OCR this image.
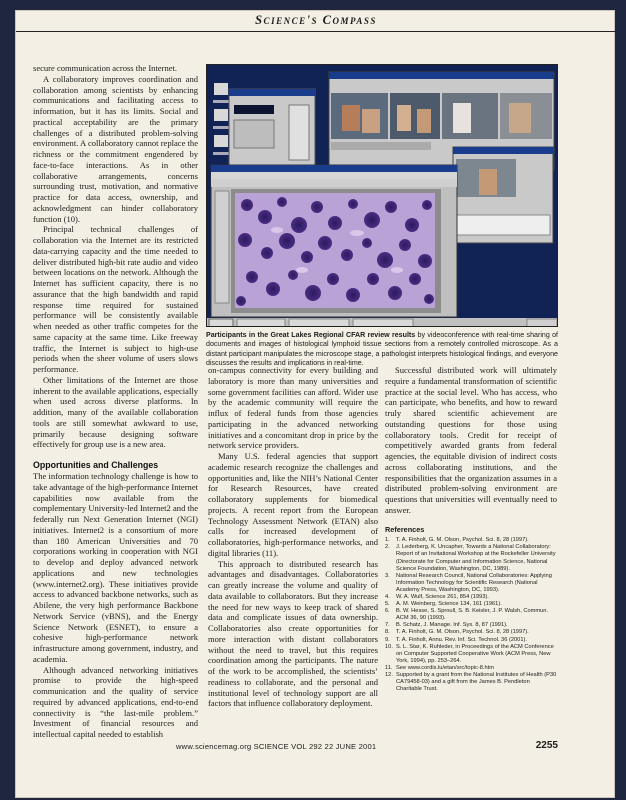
Science's Compass

secure communication across the Internet.

A collaboratory improves coordination and collaboration among scientists by enhancing communications and facilitating access to information, but it has its limits. Social and practical acceptability are the primary challenges of a distributed problem-solving environment. A collaboratory cannot replace the richness or the commitment engendered by face-to-face interactions. As in other collaborative arrangements, concerns surrounding trust, motivation, and normative practice for data access, ownership, and acknowledgment can hinder collaboratory function (10).

Principal technical challenges of collaboration via the Internet are its restricted data-carrying capacity and the time needed to deliver distributed high-bit rate audio and video between locations on the network. Although the Internet has sufficient capacity, there is no assurance that the high bandwidth and rapid response time required for sustained performance will be consistently available when needed as other traffic competes for the same capacity at the same time. Like freeway traffic, the Internet is subject to high-use periods when the sheer volume of users slows performance.

Other limitations of the Internet are those inherent to the available applications, especially when used across diverse platforms. In addition, many of the available collaboration tools are still somewhat awkward to use, primarily because designing software effectively for group use is a new area.

Opportunities and Challenges

The information technology challenge is how to take advantage of the high-performance Internet capabilities now available from the complementary University-led Internet2 and the federally run Next Generation Internet (NGI) initiatives. Internet2 is a consortium of more than 180 American Universities and 70 corporations working in cooperation with NGI to develop and deploy advanced network applications and new technologies (www.internet2.org). These initiatives provide access to advanced backbone networks, such as Abilene, the very high performance Backbone Network Service (vBNS), and the Energy Science Network (ESNET), to ensure a cohesive high-performance network infrastructure among government, industry, and academia.

Although advanced networking initiatives promise to provide the high-speed communication and the quality of service required by advanced applications, end-to-end connectivity is “the last-mile problem.” Investment of financial resources and intellectual capital needed to establish

Participants in the Great Lakes Regional CFAR review results by videoconference with real-time sharing of documents and images of histological lymphoid tissue sections from a remotely controlled microscope. As a distant participant manipulates the microscope stage, a pathologist interprets histological findings, and everyone discusses the results and implications in real-time.

on-campus connectivity for every building and laboratory is more than many universities and some government facilities can afford. Wider use by the academic community will require the influx of federal funds from those agencies participating in the advanced networking initiatives and a concomitant drop in price by the network service providers.

Many U.S. federal agencies that support academic research recognize the challenges and opportunities and, like the NIH’s National Center for Research Resources, have created collaboratory supplements for biomedical projects. A recent report from the European Technology Assessment Network (ETAN) also calls for increased development of collaboratories, high-performance networks, and digital libraries (11).

This approach to distributed research has advantages and disadvantages. Collaboratories can greatly increase the volume and quality of data available to collaborators. But they increase the need for new ways to keep track of shared data and complicate issues of data ownership. Collaboratories also create opportunities for more interaction with distant collaborators without the need to travel, but this requires coordination among the participants. The nature of the work to be accomplished, the scientists’ readiness to collaborate, and the personal and institutional level of technology support are all factors that influence collaboratory deployment.

Successful distributed work will ultimately require a fundamental transformation of scientific practice at the social level. Who has access, who can participate, who benefits, and how to reward truly shared scientific achievement are outstanding questions for those using collaboratory tools. Credit for receipt of competitively awarded grants from federal agencies, the equitable division of indirect costs across collaborating institutions, and the responsibilities that the organization assumes in a distributed problem-solving environment are questions that universities will eventually need to answer.

References
1. T. A. Finholt, G. M. Olson, Psychol. Sci. 8, 28 (1997).
2. J. Lederberg, K. Uncapher, Towards a National Collaboratory: Report of an Invitational Workshop at the Rockefeller University (Directorate for Computer and Information Science, National Science Foundation, Washington, DC, 1989).
3. National Research Council, National Collaboratories: Applying Information Technology for Scientific Research (National Academy Press, Washington, DC, 1993).
4. W. A. Wulf, Science 261, 854 (1993).
5. A. M. Weinberg, Science 134, 161 (1961).
6. B. W. Hesse, S. Sproull, S. B. Keisler, J. P. Walsh, Commun. ACM 36, 90 (1993).
7. B. Schatz, J. Manage. Inf. Sys. 8, 87 (1991).
8. T. A. Finholt, G. M. Olson, Psychol. Sci. 8, 28 (1997).
9. T. A. Finholt, Annu. Rev. Inf. Sci. Technol. 36 (2001).
10. S. L. Star, K. Ruhleder, in Proceedings of the ACM Conference on Computer Supported Cooperative Work (ACM Press, New York, 1994), pp. 253–264.
11. See www.cordis.lu/etan/src/topic-8.htm
12. Supported by a grant from the National Institutes of Health (P30 CA79458-03) and a gift from the James B. Pendleton Charitable Trust.
www.sciencemag.org SCIENCE VOL 292 22 JUNE 2001	2255
